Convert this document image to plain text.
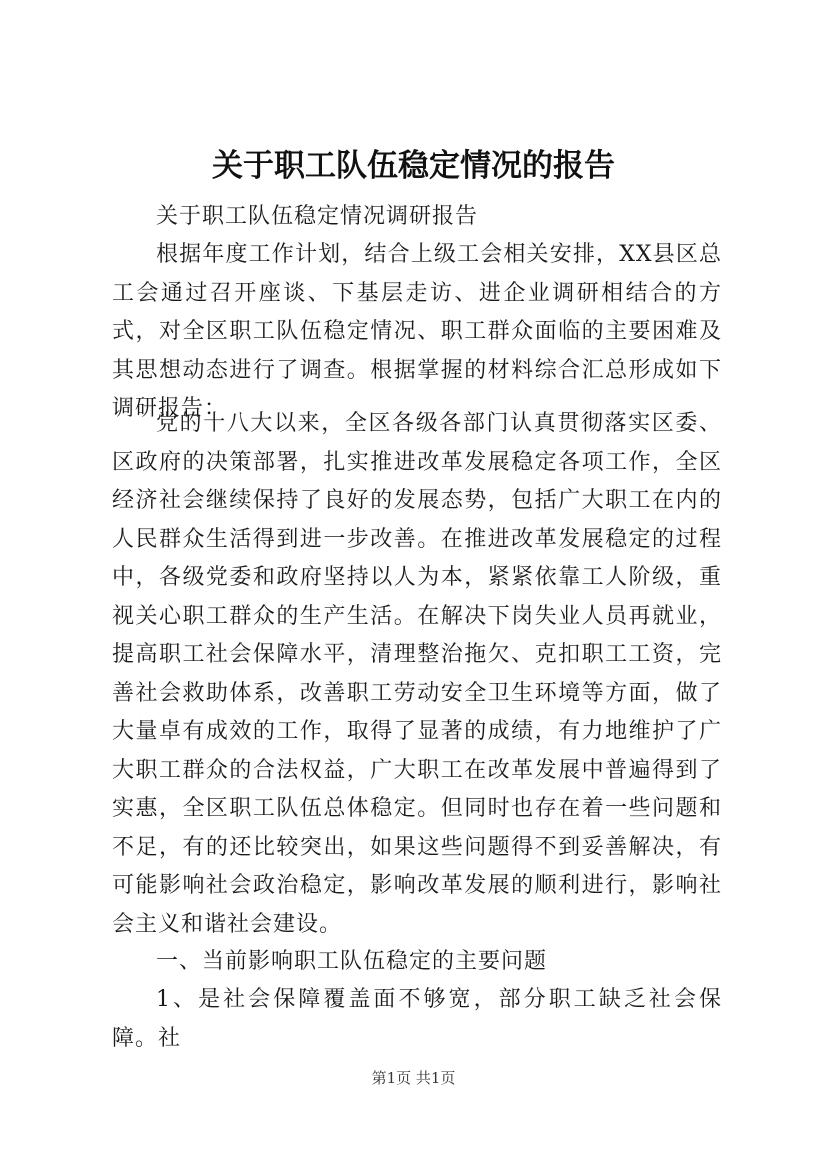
关于职工队伍稳定情况的报告

关于职工队伍稳定情况调研报告

根据年度工作计划，结合上级工会相关安排，XX县区总工会通过召开座谈、下基层走访、进企业调研相结合的方式，对全区职工队伍稳定情况、职工群众面临的主要困难及其思想动态进行了调查。根据掌握的材料综合汇总形成如下调研报告：

党的十八大以来，全区各级各部门认真贯彻落实区委、区政府的决策部署，扎实推进改革发展稳定各项工作，全区经济社会继续保持了良好的发展态势，包括广大职工在内的人民群众生活得到进一步改善。在推进改革发展稳定的过程中，各级党委和政府坚持以人为本，紧紧依靠工人阶级，重视关心职工群众的生产生活。在解决下岗失业人员再就业，提高职工社会保障水平，清理整治拖欠、克扣职工工资，完善社会救助体系，改善职工劳动安全卫生环境等方面，做了大量卓有成效的工作，取得了显著的成绩，有力地维护了广大职工群众的合法权益，广大职工在改革发展中普遍得到了实惠，全区职工队伍总体稳定。但同时也存在着一些问题和不足，有的还比较突出，如果这些问题得不到妥善解决，有可能影响社会政治稳定，影响改革发展的顺利进行，影响社会主义和谐社会建设。

一、当前影响职工队伍稳定的主要问题

1、是社会保障覆盖面不够宽，部分职工缺乏社会保障。社

第1页 共1页
